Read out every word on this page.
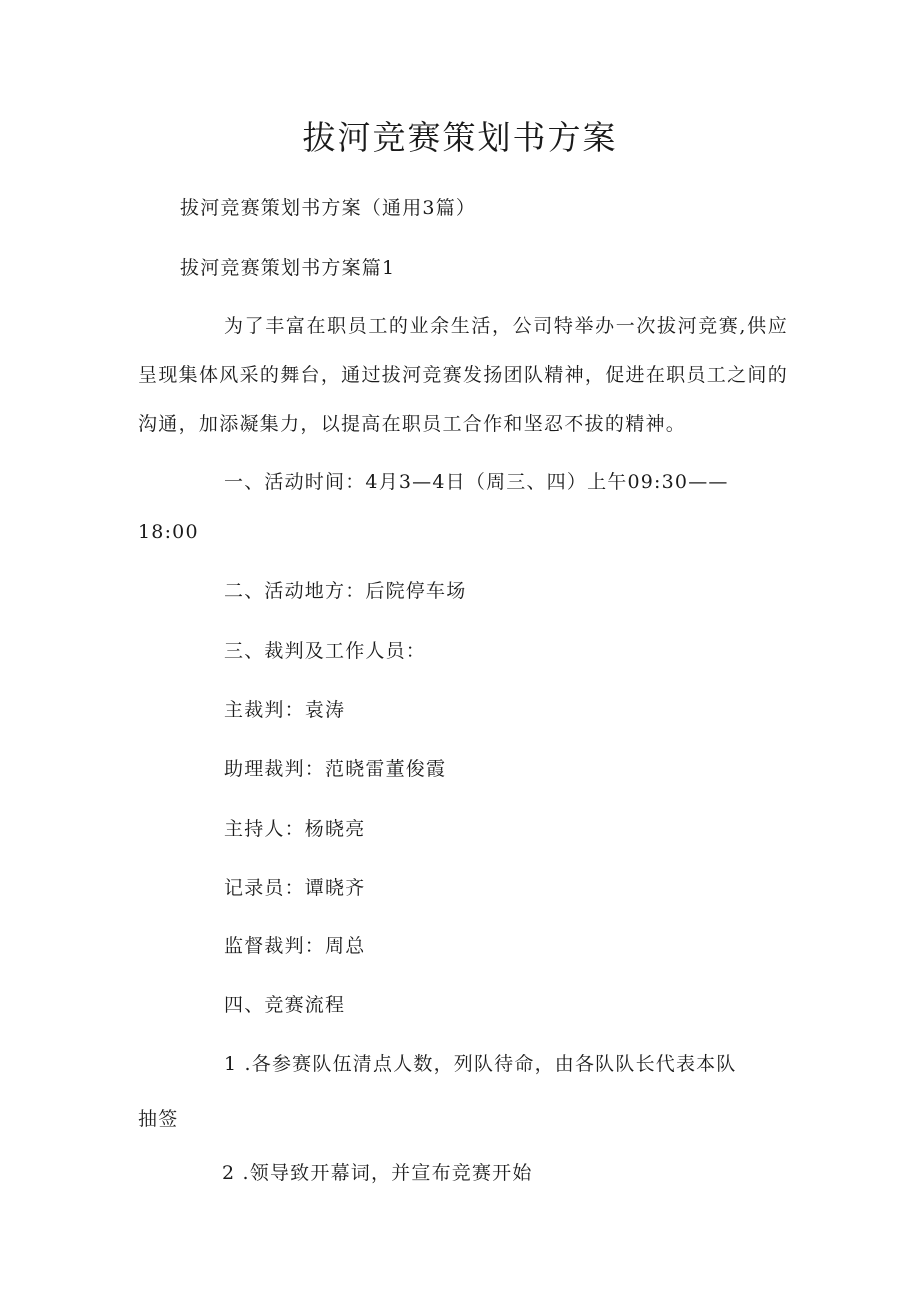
拔河竞赛策划书方案
拔河竞赛策划书方案（通用3篇）
拔河竞赛策划书方案篇1
为了丰富在职员工的业余生活，公司特举办一次拔河竞赛,供应呈现集体风采的舞台，通过拔河竞赛发扬团队精神，促进在职员工之间的沟通，加添凝集力，以提高在职员工合作和坚忍不拔的精神。
一、活动时间：4月3—4日（周三、四）上午09:30——
18:00
二、活动地方：后院停车场
三、裁判及工作人员：
主裁判：袁涛
助理裁判：范晓雷董俊霞
主持人：杨晓亮
记录员：谭晓齐
监督裁判：周总
四、竞赛流程
1 .各参赛队伍清点人数，列队待命，由各队队长代表本队
抽签
2 .领导致开幕词，并宣布竞赛开始
